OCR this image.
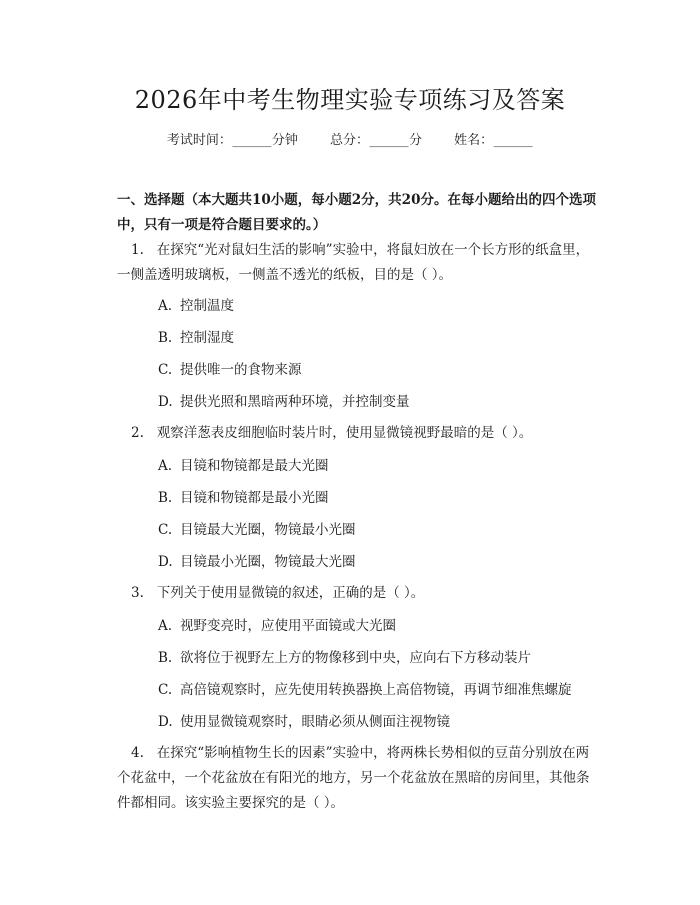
2026年中考生物理实验专项练习及答案
考试时间：______分钟 总分：______分 姓名：______
一、选择题（本大题共10小题，每小题2分，共20分。在每小题给出的四个选项中，只有一项是符合题目要求的。）
1. 在探究“光对鼠妇生活的影响”实验中，将鼠妇放在一个长方形的纸盒里，一侧盖透明玻璃板，一侧盖不透光的纸板，目的是（ ）。
A. 控制温度
B. 控制湿度
C. 提供唯一的食物来源
D. 提供光照和黑暗两种环境，并控制变量
2. 观察洋葱表皮细胞临时装片时，使用显微镜视野最暗的是（ ）。
A. 目镜和物镜都是最大光圈
B. 目镜和物镜都是最小光圈
C. 目镜最大光圈，物镜最小光圈
D. 目镜最小光圈，物镜最大光圈
3. 下列关于使用显微镜的叙述，正确的是（ ）。
A. 视野变亮时，应使用平面镜或大光圈
B. 欲将位于视野左上方的物像移到中央，应向右下方移动装片
C. 高倍镜观察时，应先使用转换器换上高倍物镜，再调节细准焦螺旋
D. 使用显微镜观察时，眼睛必须从侧面注视物镜
4. 在探究“影响植物生长的因素”实验中，将两株长势相似的豆苗分别放在两个花盆中，一个花盆放在有阳光的地方，另一个花盆放在黑暗的房间里，其他条件都相同。该实验主要探究的是（ ）。
